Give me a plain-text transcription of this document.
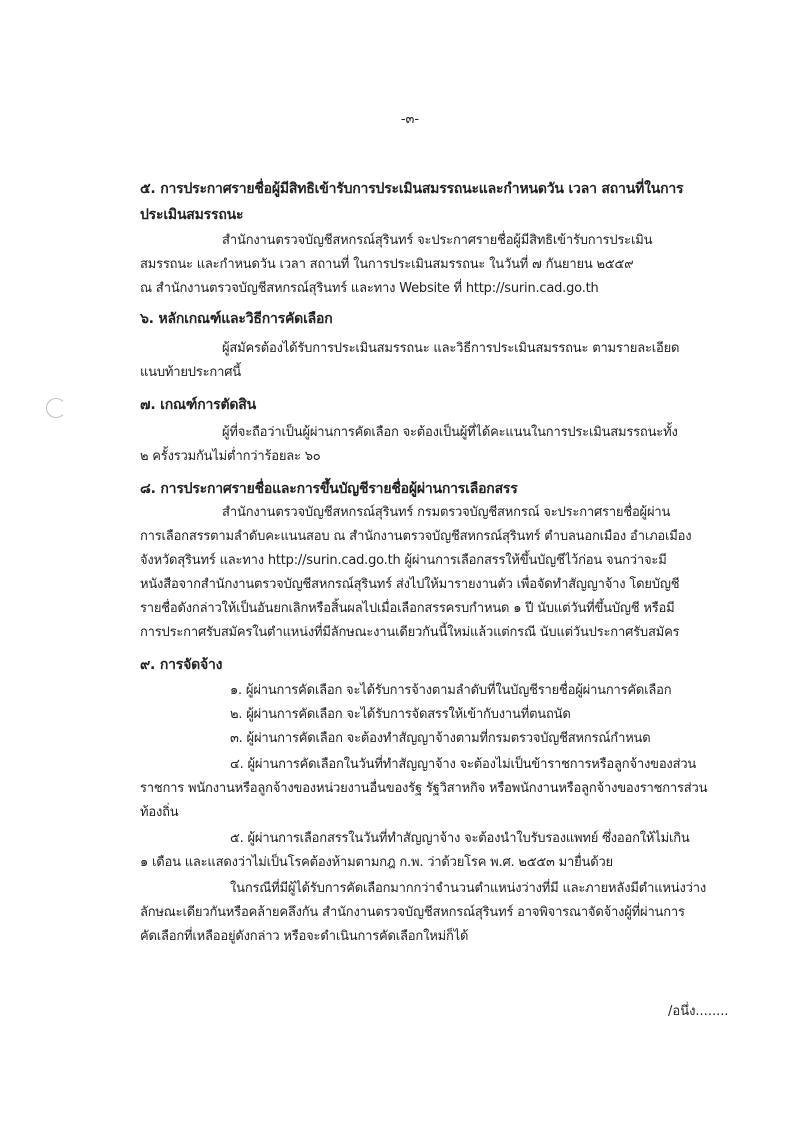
-๓-
๕. การประกาศรายชื่อผู้มีสิทธิเข้ารับการประเมินสมรรถนะและกำหนดวัน เวลา สถานที่ในการ
ประเมินสมรรถนะ
สำนักงานตรวจบัญชีสหกรณ์สุรินทร์ จะประกาศรายชื่อผู้มีสิทธิเข้ารับการประเมิน
สมรรถนะ และกำหนดวัน เวลา สถานที่ ในการประเมินสมรรถนะ ในวันที่ ๗ กันยายน ๒๕๕๙
ณ สำนักงานตรวจบัญชีสหกรณ์สุรินทร์ และทาง Website ที่ http://surin.cad.go.th
๖. หลักเกณฑ์และวิธีการคัดเลือก
ผู้สมัครต้องได้รับการประเมินสมรรถนะ และวิธีการประเมินสมรรถนะ ตามรายละเอียด
แนบท้ายประกาศนี้
๗. เกณฑ์การตัดสิน
ผู้ที่จะถือว่าเป็นผู้ผ่านการคัดเลือก จะต้องเป็นผู้ที่ได้คะแนนในการประเมินสมรรถนะทั้ง
๒ ครั้งรวมกันไม่ต่ำกว่าร้อยละ ๖๐
๘. การประกาศรายชื่อและการขึ้นบัญชีรายชื่อผู้ผ่านการเลือกสรร
สำนักงานตรวจบัญชีสหกรณ์สุรินทร์ กรมตรวจบัญชีสหกรณ์ จะประกาศรายชื่อผู้ผ่าน
การเลือกสรรตามลำดับคะแนนสอบ ณ สำนักงานตรวจบัญชีสหกรณ์สุรินทร์ ตำบลนอกเมือง อำเภอเมือง
จังหวัดสุรินทร์ และทาง http://surin.cad.go.th ผู้ผ่านการเลือกสรรให้ขึ้นบัญชีไว้ก่อน จนกว่าจะมี
หนังสือจากสำนักงานตรวจบัญชีสหกรณ์สุรินทร์ ส่งไปให้มารายงานตัว เพื่อจัดทำสัญญาจ้าง โดยบัญชี
รายชื่อดังกล่าวให้เป็นอันยกเลิกหรือสิ้นผลไปเมื่อเลือกสรรครบกำหนด ๑ ปี นับแต่วันที่ขึ้นบัญชี หรือมี
การประกาศรับสมัครในตำแหน่งที่มีลักษณะงานเดียวกันนี้ใหม่แล้วแต่กรณี นับแต่วันประกาศรับสมัคร
๙. การจัดจ้าง
๑. ผู้ผ่านการคัดเลือก จะได้รับการจ้างตามลำดับที่ในบัญชีรายชื่อผู้ผ่านการคัดเลือก
๒. ผู้ผ่านการคัดเลือก จะได้รับการจัดสรรให้เข้ากับงานที่ตนถนัด
๓. ผู้ผ่านการคัดเลือก จะต้องทำสัญญาจ้างตามที่กรมตรวจบัญชีสหกรณ์กำหนด
๔. ผู้ผ่านการคัดเลือกในวันที่ทำสัญญาจ้าง จะต้องไม่เป็นข้าราชการหรือลูกจ้างของส่วน
ราชการ พนักงานหรือลูกจ้างของหน่วยงานอื่นของรัฐ รัฐวิสาหกิจ หรือพนักงานหรือลูกจ้างของราชการส่วน
ท้องถิ่น
๕. ผู้ผ่านการเลือกสรรในวันที่ทำสัญญาจ้าง จะต้องนำใบรับรองแพทย์ ซึ่งออกให้ไม่เกิน
๑ เดือน และแสดงว่าไม่เป็นโรคต้องห้ามตามกฎ ก.พ. ว่าด้วยโรค พ.ศ. ๒๕๕๓ มายื่นด้วย
ในกรณีที่มีผู้ได้รับการคัดเลือกมากกว่าจำนวนตำแหน่งว่างที่มี และภายหลังมีตำแหน่งว่าง
ลักษณะเดียวกันหรือคล้ายคลึงกัน สำนักงานตรวจบัญชีสหกรณ์สุรินทร์ อาจพิจารณาจัดจ้างผู้ที่ผ่านการ
คัดเลือกที่เหลืออยู่ดังกล่าว หรือจะดำเนินการคัดเลือกใหม่ก็ได้
/อนึ่ง........
